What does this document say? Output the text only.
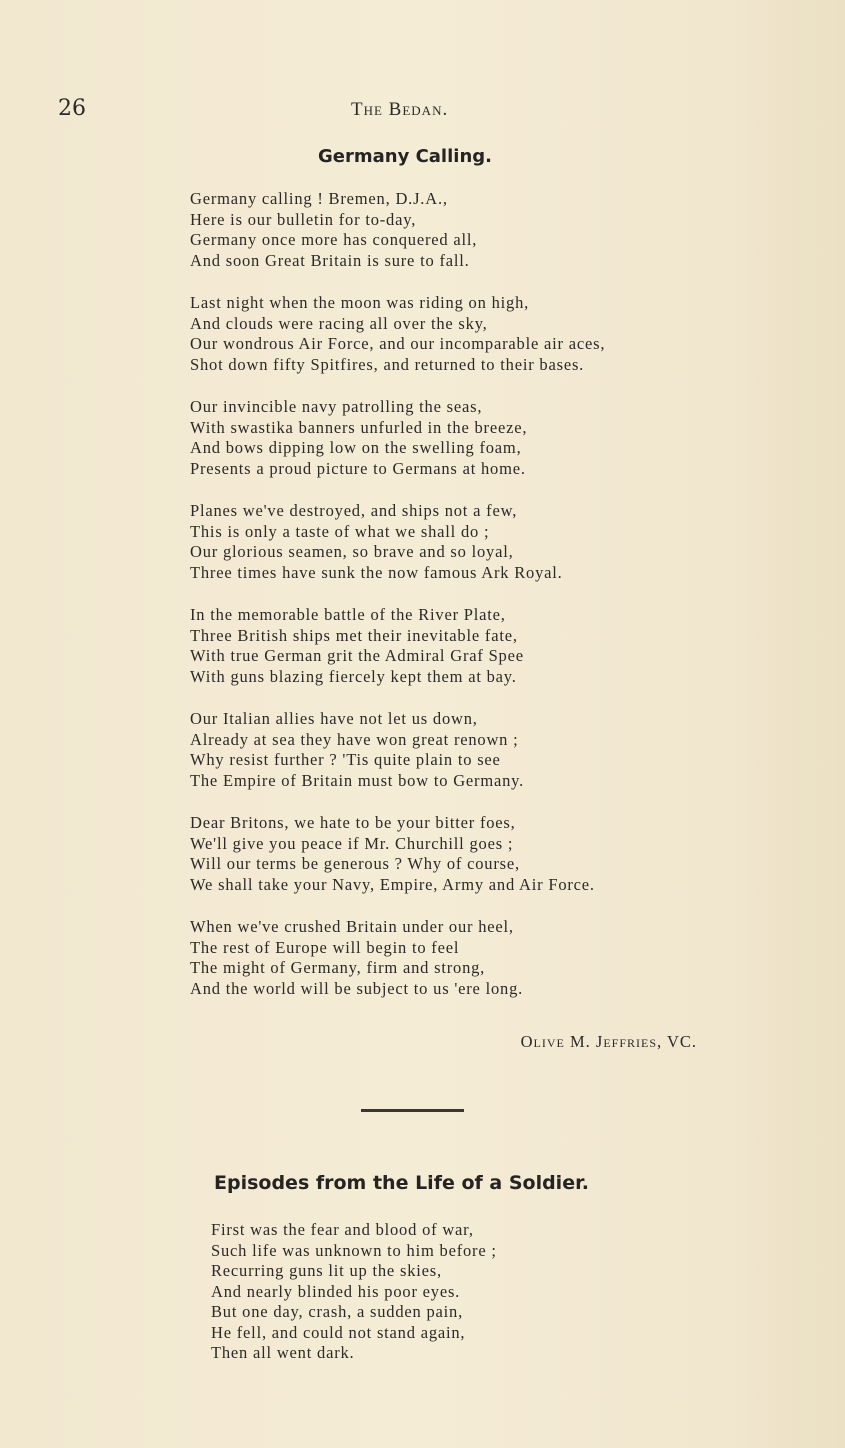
26	The Bedan.
Germany Calling.
Germany calling ! Bremen, D.J.A.,
Here is our bulletin for to-day,
Germany once more has conquered all,
And soon Great Britain is sure to fall.
Last night when the moon was riding on high,
And clouds were racing all over the sky,
Our wondrous Air Force, and our incomparable air aces,
Shot down fifty Spitfires, and returned to their bases.
Our invincible navy patrolling the seas,
With swastika banners unfurled in the breeze,
And bows dipping low on the swelling foam,
Presents a proud picture to Germans at home.
Planes we've destroyed, and ships not a few,
This is only a taste of what we shall do ;
Our glorious seamen, so brave and so loyal,
Three times have sunk the now famous Ark Royal.
In the memorable battle of the River Plate,
Three British ships met their inevitable fate,
With true German grit the Admiral Graf Spee
With guns blazing fiercely kept them at bay.
Our Italian allies have not let us down,
Already at sea they have won great renown ;
Why resist further ? 'Tis quite plain to see
The Empire of Britain must bow to Germany.
Dear Britons, we hate to be your bitter foes,
We'll give you peace if Mr. Churchill goes ;
Will our terms be generous ? Why of course,
We shall take your Navy, Empire, Army and Air Force.
When we've crushed Britain under our heel,
The rest of Europe will begin to feel
The might of Germany, firm and strong,
And the world will be subject to us 'ere long.
Olive M. Jeffries, VC.
Episodes from the Life of a Soldier.
First was the fear and blood of war,
Such life was unknown to him before ;
Recurring guns lit up the skies,
And nearly blinded his poor eyes.
But one day, crash, a sudden pain,
He fell, and could not stand again,
Then all went dark.
